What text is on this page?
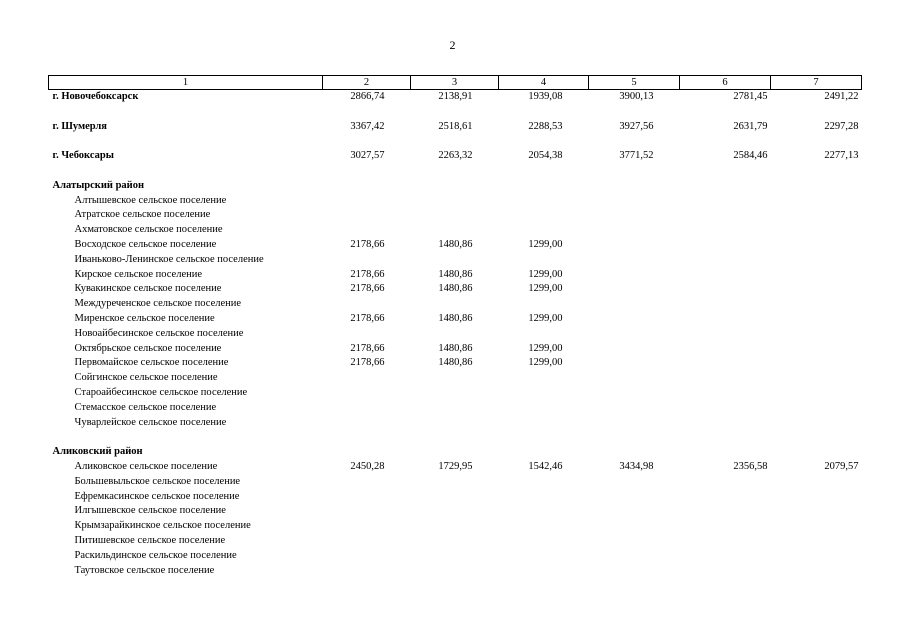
2
1	2	3	4	5	6	7
г. Новочебоксарск	2866,74	2138,91	1939,08	3900,13	2781,45	2491,22

г. Шумерля	3367,42	2518,61	2288,53	3927,56	2631,79	2297,28

г. Чебоксары	3027,57	2263,32	2054,38	3771,52	2584,46	2277,13

Алатырский район						
Алтышевское сельское поселение						
Атратское сельское поселение						
Ахматовское сельское поселение						
Восходское сельское поселение	2178,66	1480,86	1299,00			
Иваньково-Ленинское сельское поселение						
Кирское сельское поселение	2178,66	1480,86	1299,00			
Кувакинское сельское поселение	2178,66	1480,86	1299,00			
Междуреченское сельское поселение						
Миренское сельское поселение	2178,66	1480,86	1299,00			
Новоайбесинское сельское поселение						
Октябрьское сельское поселение	2178,66	1480,86	1299,00			
Первомайское сельское поселение	2178,66	1480,86	1299,00			
Сойгинское сельское поселение						
Староайбесинское сельское поселение						
Стемасское сельское поселение						
Чуварлейское сельское поселение						

Аликовский район						
Аликовское сельское поселение	2450,28	1729,95	1542,46	3434,98	2356,58	2079,57
Большевыльское сельское поселение						
Ефремкасинское сельское поселение						
Илгышевское сельское поселение						
Крымзарайкинское сельское поселение						
Питишевское сельское поселение						
Раскильдинское сельское поселение						
Таутовское сельское поселение						
